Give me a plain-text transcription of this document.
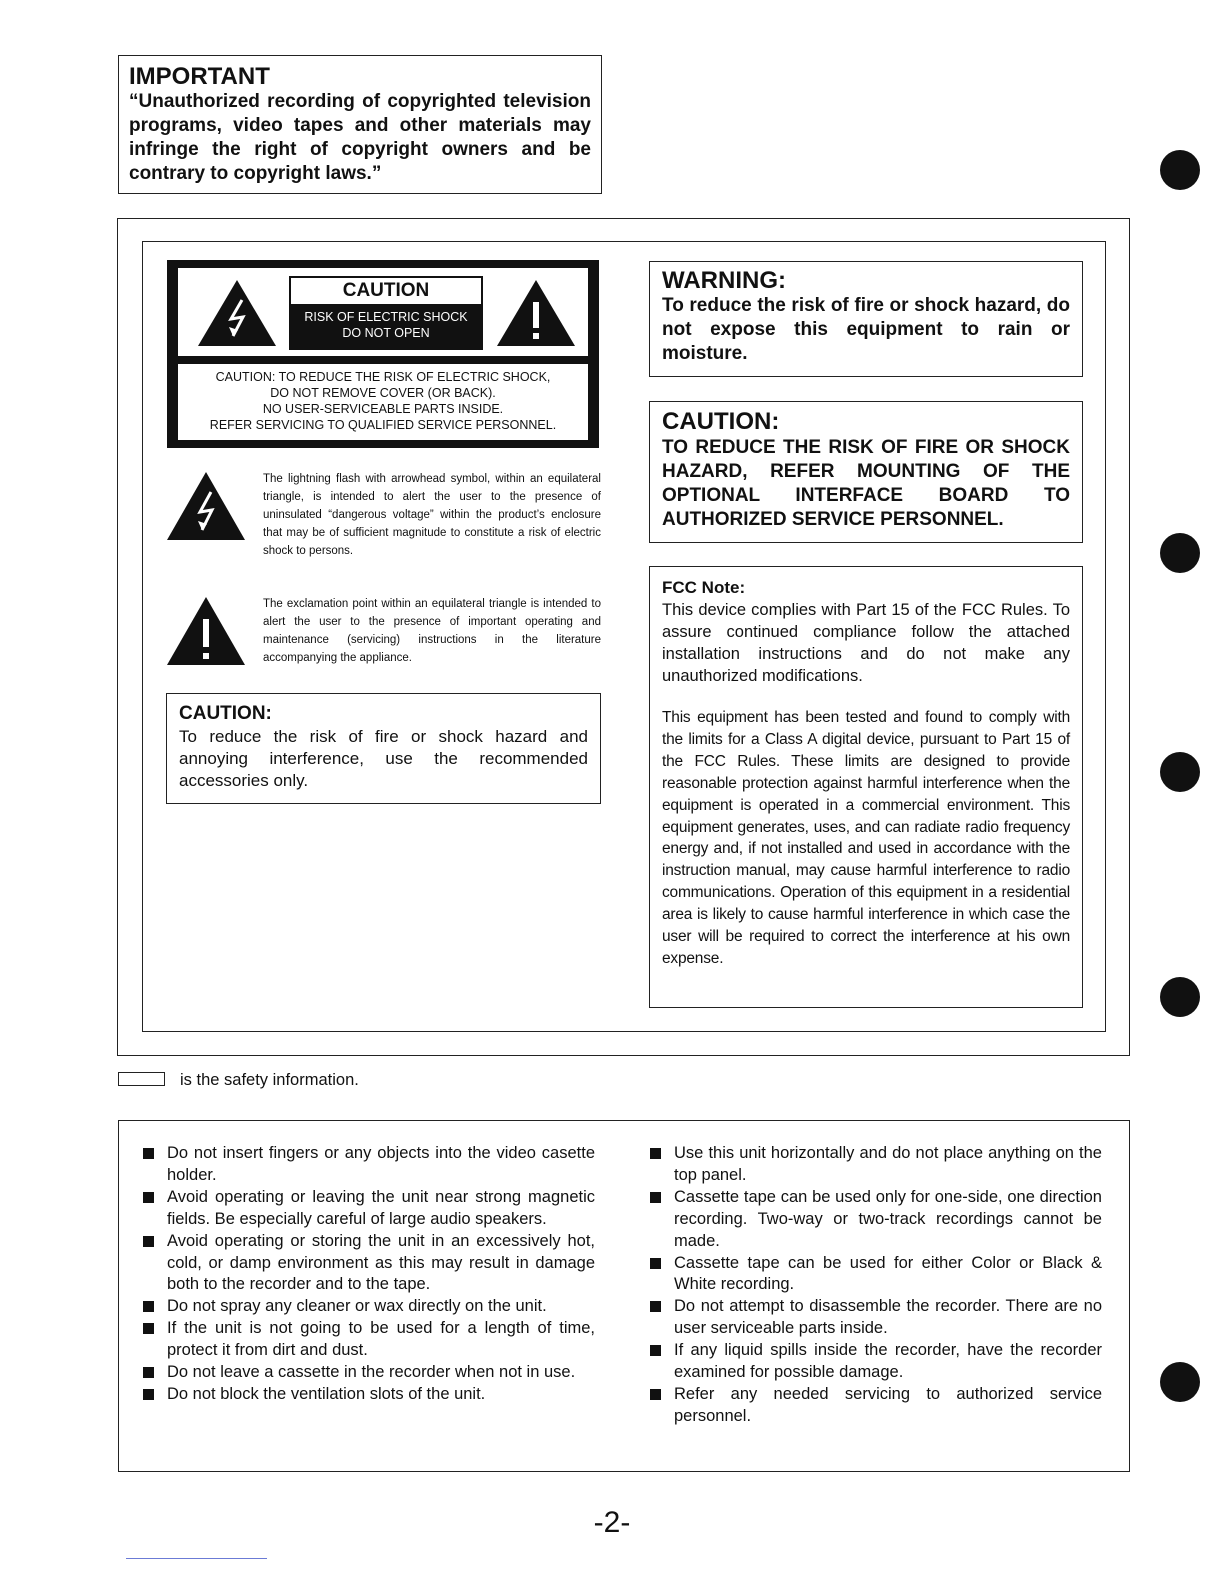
IMPORTANT
“Unauthorized recording of copyrighted television programs, video tapes and other materials may infringe the right of copyright owners and be contrary to copyright laws.”
CAUTION
RISK OF ELECTRIC SHOCK
DO NOT OPEN
CAUTION: TO REDUCE THE RISK OF ELECTRIC SHOCK,
DO NOT REMOVE COVER (OR BACK).
NO USER-SERVICEABLE PARTS INSIDE.
REFER SERVICING TO QUALIFIED SERVICE PERSONNEL.
The lightning flash with arrowhead symbol, within an equilateral triangle, is intended to alert the user to the presence of uninsulated “dangerous voltage” within the product’s enclosure that may be of sufficient magnitude to constitute a risk of electric shock to persons.
The exclamation point within an equilateral triangle is intended to alert the user to the presence of important operating and maintenance (servicing) instructions in the literature accompanying the appliance.
CAUTION:
To reduce the risk of fire or shock hazard and annoying interference, use the recommended accessories only.
WARNING:
To reduce the risk of fire or shock hazard, do not expose this equipment to rain or moisture.
CAUTION:
TO REDUCE THE RISK OF FIRE OR SHOCK HAZARD, REFER MOUNTING OF THE OPTIONAL INTERFACE BOARD TO AUTHORIZED SERVICE PERSONNEL.
FCC Note:
This device complies with Part 15 of the FCC Rules. To assure continued compliance follow the attached installation instructions and do not make any unauthorized modifications.
This equipment has been tested and found to comply with the limits for a Class A digital device, pursuant to Part 15 of the FCC Rules. These limits are designed to provide reasonable protection against harmful interference when the equipment is operated in a commercial environment. This equipment generates, uses, and can radiate radio frequency energy and, if not installed and used in accordance with the instruction manual, may cause harmful interference to radio communications. Operation of this equipment in a residential area is likely to cause harmful interference in which case the user will be required to correct the interference at his own expense.
is the safety information.
Do not insert fingers or any objects into the video casette holder.
Avoid operating or leaving the unit near strong magnetic fields. Be especially careful of large audio speakers.
Avoid operating or storing the unit in an excessively hot, cold, or damp environment as this may result in damage both to the recorder and to the tape.
Do not spray any cleaner or wax directly on the unit.
If the unit is not going to be used for a length of time, protect it from dirt and dust.
Do not leave a cassette in the recorder when not in use.
Do not block the ventilation slots of the unit.
Use this unit horizontally and do not place anything on the top panel.
Cassette tape can be used only for one-side, one direction recording. Two-way or two-track recordings cannot be made.
Cassette tape can be used for either Color or Black & White recording.
Do not attempt to disassemble the recorder. There are no user serviceable parts inside.
If any liquid spills inside the recorder, have the recorder examined for possible damage.
Refer any needed servicing to authorized service personnel.
-2-
